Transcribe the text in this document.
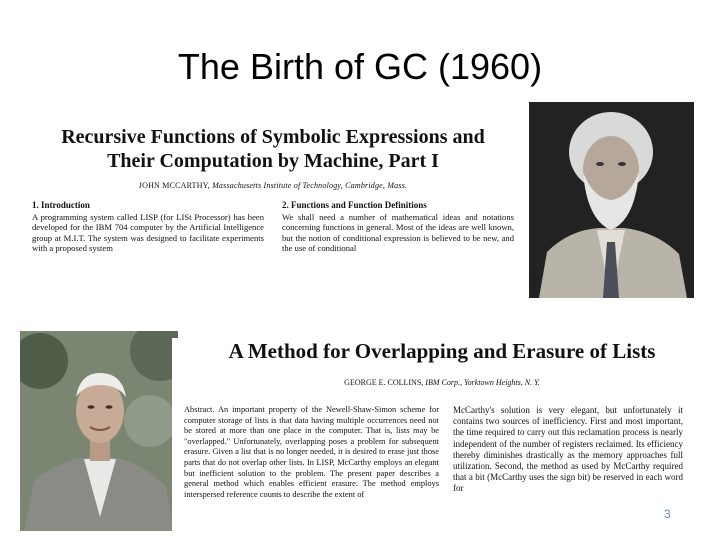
The Birth of GC (1960)
Recursive Functions of Symbolic Expressions and
Their Computation by Machine, Part I
JOHN MCCARTHY, Massachusetts Institute of Technology, Cambridge, Mass.
1. Introduction
A programming system called LISP (for LISt Processor) has been developed for the IBM 704 computer by the Artificial Intelligence group at M.I.T. The system was designed to facilitate experiments with a proposed system
2. Functions and Function Definitions
We shall need a number of mathematical ideas and notations concerning functions in general. Most of the ideas are well known, but the notion of conditional expression is believed to be new, and the use of conditional
A Method for Overlapping and Erasure of Lists
GEORGE E. COLLINS, IBM Corp., Yorktown Heights, N. Y.
Abstract. An important property of the Newell-Shaw-Simon scheme for computer storage of lists is that data having multiple occurrences need not be stored at more than one place in the computer. That is, lists may be "overlapped." Unfortunately, overlapping poses a problem for subsequent erasure. Given a list that is no longer needed, it is desired to erase just those parts that do not overlap other lists. In LISP, McCarthy employs an elegant but inefficient solution to the problem. The present paper describes a general method which enables efficient erasure. The method employs interspersed reference counts to describe the extent of
McCarthy's solution is very elegant, but unfortunately it contains two sources of inefficiency. First and most important, the time required to carry out this reclamation process is nearly independent of the number of registers reclaimed. Its efficiency thereby diminishes drastically as the memory approaches full utilization. Second, the method as used by McCarthy required that a bit (McCarthy uses the sign bit) be reserved in each word for
3
